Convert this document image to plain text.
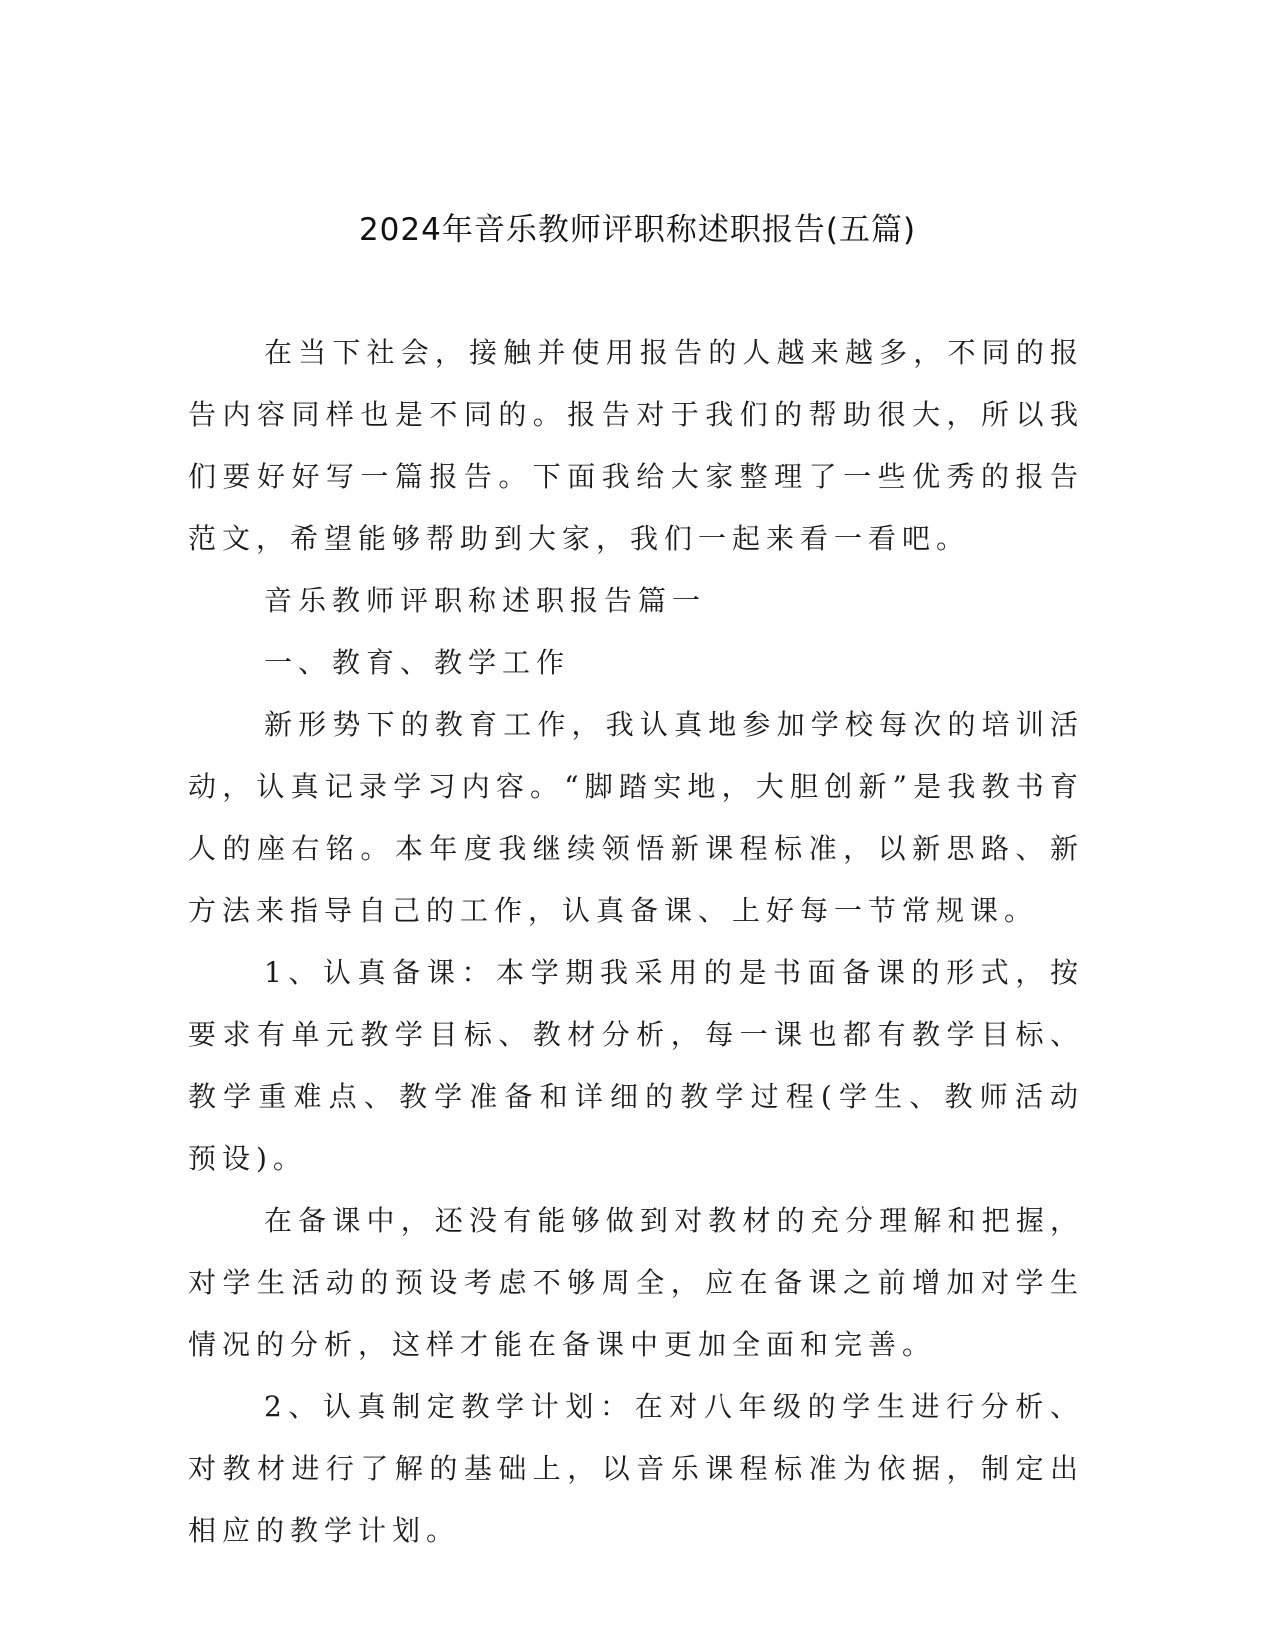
2024年音乐教师评职称述职报告(五篇)

在当下社会，接触并使用报告的人越来越多，不同的报告内容同样也是不同的。报告对于我们的帮助很大，所以我们要好好写一篇报告。下面我给大家整理了一些优秀的报告范文，希望能够帮助到大家，我们一起来看一看吧。

音乐教师评职称述职报告篇一

一、教育、教学工作

新形势下的教育工作，我认真地参加学校每次的培训活动，认真记录学习内容。“脚踏实地，大胆创新”是我教书育人的座右铭。本年度我继续领悟新课程标准，以新思路、新方法来指导自己的工作，认真备课、上好每一节常规课。

1、认真备课：本学期我采用的是书面备课的形式，按要求有单元教学目标、教材分析，每一课也都有教学目标、教学重难点、教学准备和详细的教学过程(学生、教师活动预设)。

在备课中，还没有能够做到对教材的充分理解和把握，对学生活动的预设考虑不够周全，应在备课之前增加对学生情况的分析，这样才能在备课中更加全面和完善。

2、认真制定教学计划：在对八年级的学生进行分析、对教材进行了解的基础上，以音乐课程标准为依据，制定出相应的教学计划。
